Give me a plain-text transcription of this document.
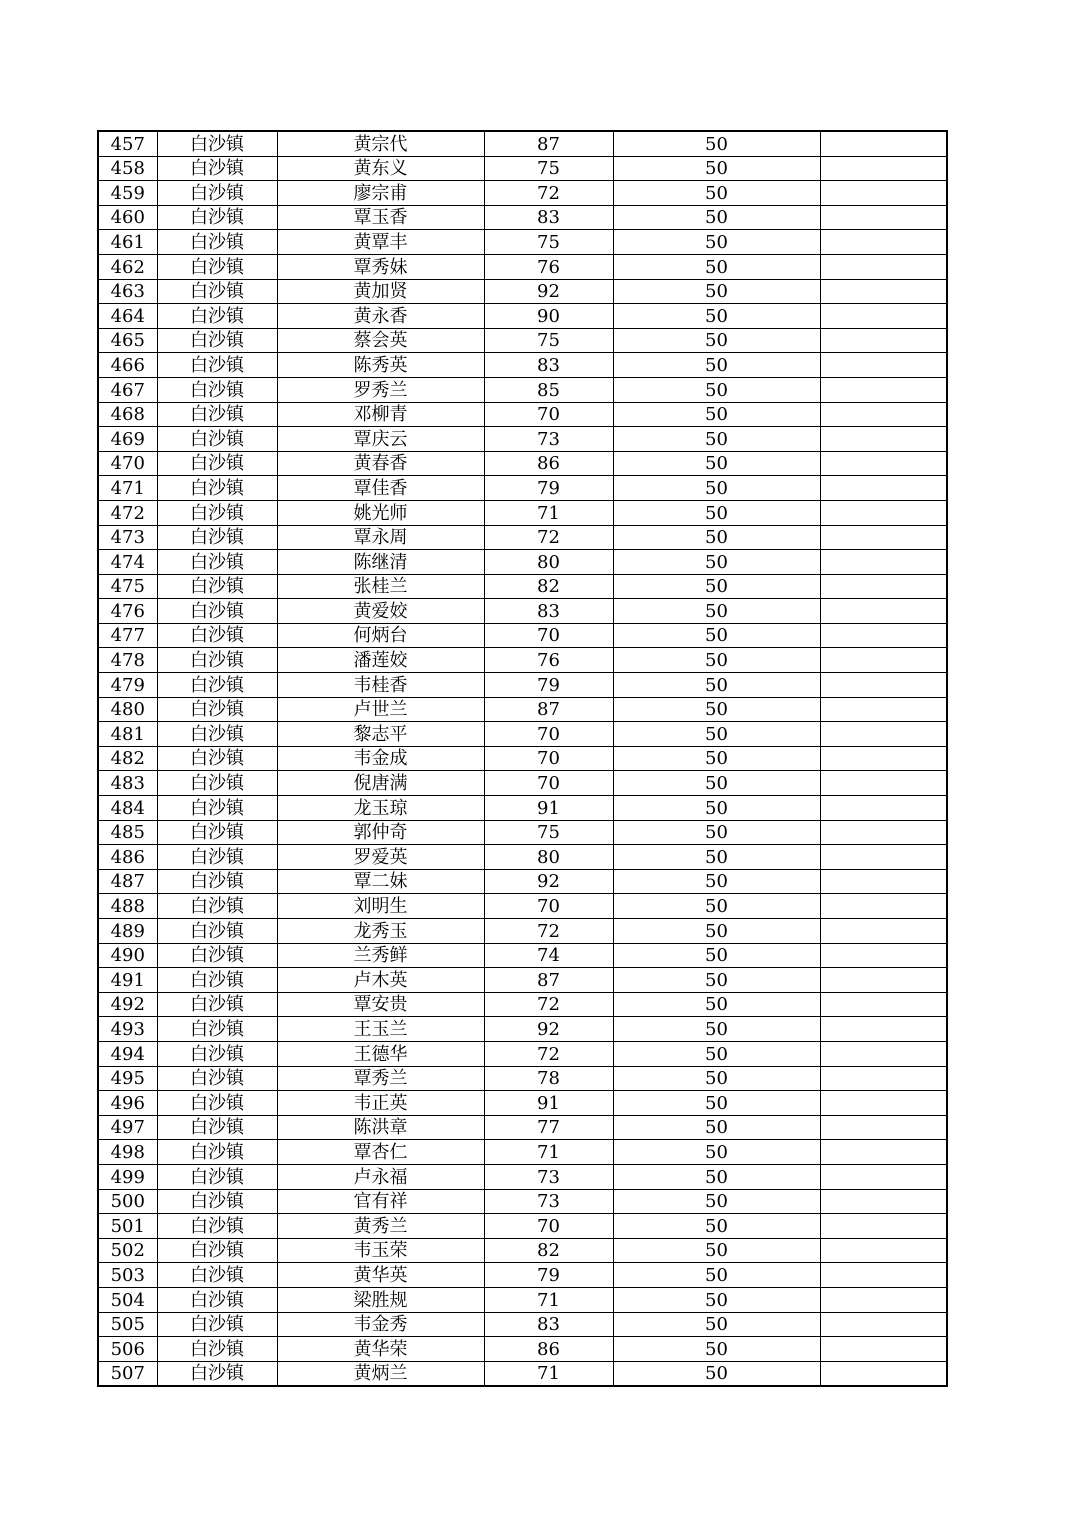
457	白沙镇	黄宗代	87	50	
458	白沙镇	黄东义	75	50	
459	白沙镇	廖宗甫	72	50	
460	白沙镇	覃玉香	83	50	
461	白沙镇	黄覃丰	75	50	
462	白沙镇	覃秀妹	76	50	
463	白沙镇	黄加贤	92	50	
464	白沙镇	黄永香	90	50	
465	白沙镇	蔡会英	75	50	
466	白沙镇	陈秀英	83	50	
467	白沙镇	罗秀兰	85	50	
468	白沙镇	邓柳青	70	50	
469	白沙镇	覃庆云	73	50	
470	白沙镇	黄春香	86	50	
471	白沙镇	覃佳香	79	50	
472	白沙镇	姚光师	71	50	
473	白沙镇	覃永周	72	50	
474	白沙镇	陈继清	80	50	
475	白沙镇	张桂兰	82	50	
476	白沙镇	黄爱姣	83	50	
477	白沙镇	何炳台	70	50	
478	白沙镇	潘莲姣	76	50	
479	白沙镇	韦桂香	79	50	
480	白沙镇	卢世兰	87	50	
481	白沙镇	黎志平	70	50	
482	白沙镇	韦金成	70	50	
483	白沙镇	倪唐满	70	50	
484	白沙镇	龙玉琼	91	50	
485	白沙镇	郭仲奇	75	50	
486	白沙镇	罗爱英	80	50	
487	白沙镇	覃二妹	92	50	
488	白沙镇	刘明生	70	50	
489	白沙镇	龙秀玉	72	50	
490	白沙镇	兰秀鲜	74	50	
491	白沙镇	卢木英	87	50	
492	白沙镇	覃安贵	72	50	
493	白沙镇	王玉兰	92	50	
494	白沙镇	王德华	72	50	
495	白沙镇	覃秀兰	78	50	
496	白沙镇	韦正英	91	50	
497	白沙镇	陈洪章	77	50	
498	白沙镇	覃杏仁	71	50	
499	白沙镇	卢永福	73	50	
500	白沙镇	官有祥	73	50	
501	白沙镇	黄秀兰	70	50	
502	白沙镇	韦玉荣	82	50	
503	白沙镇	黄华英	79	50	
504	白沙镇	梁胜规	71	50	
505	白沙镇	韦金秀	83	50	
506	白沙镇	黄华荣	86	50	
507	白沙镇	黄炳兰	71	50	
